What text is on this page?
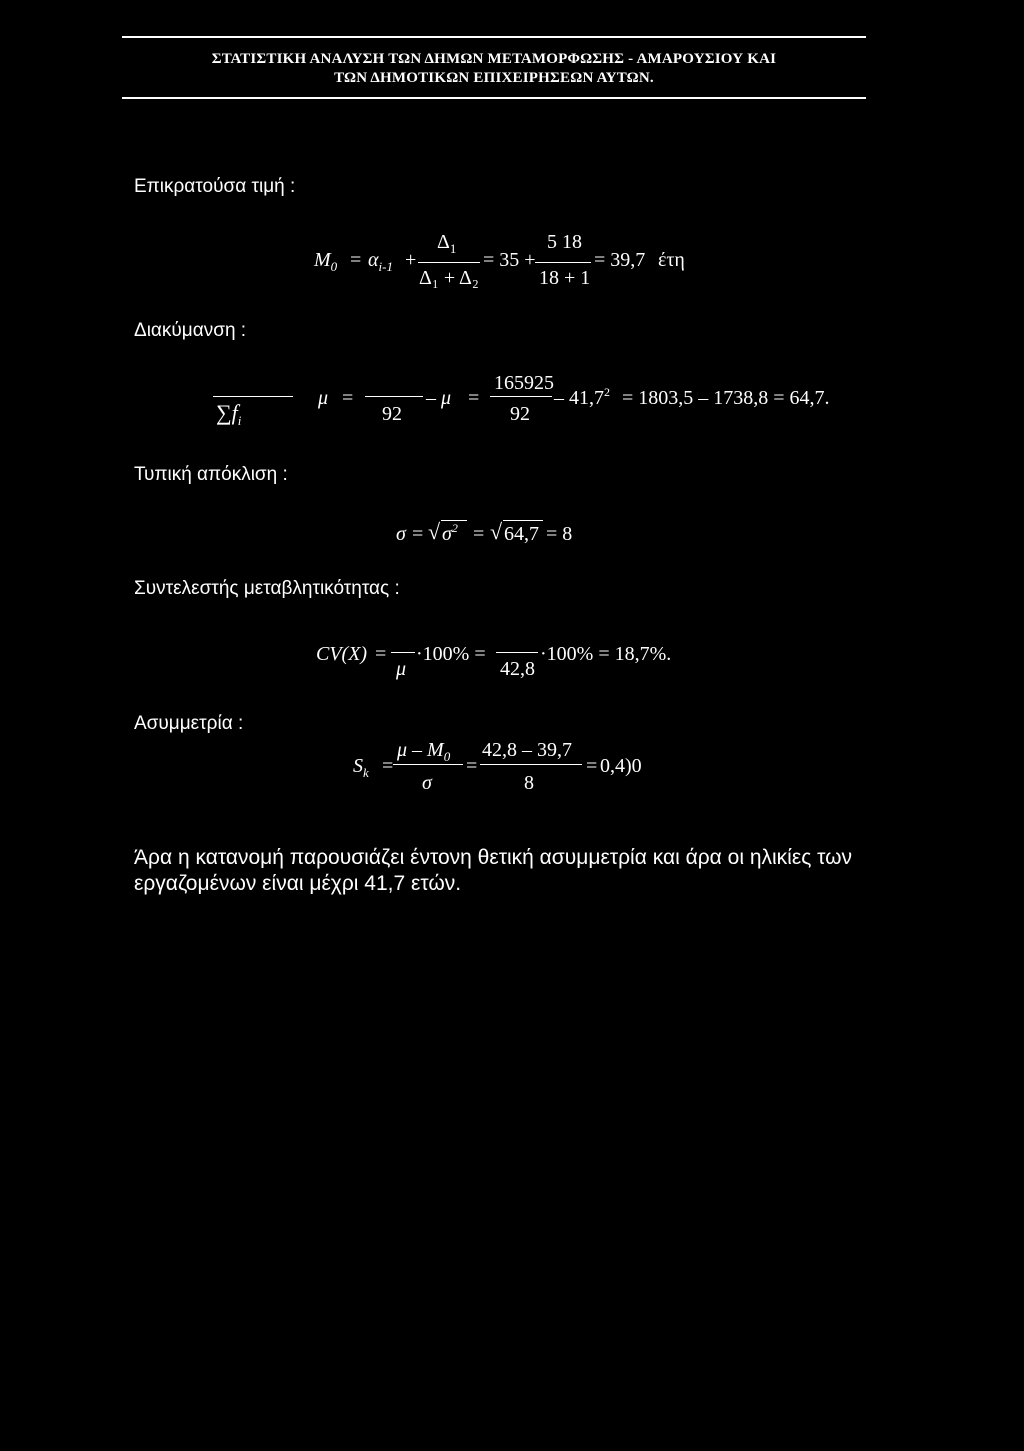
ΣΤΑΤΙΣΤΙΚΗ ΑΝΑΛΥΣΗ ΤΩΝ ΔΗΜΩΝ ΜΕΤΑΜΟΡΦΩΣΗΣ - ΑΜΑΡΟΥΣΙΟΥ ΚΑΙ
ΤΩΝ ΔΗΜΟΤΙΚΩΝ ΕΠΙΧΕΙΡΗΣΕΩΝ ΑΥΤΩΝ.
Επικρατούσα τιμή :
$M_0 = \alpha_{i-1}$ +
$\Delta_1$
Δ₁ + Δ₂
= 35 +
5 18
18 + 1
= 39,7 έτη
Διακύμανση :
$\sum f_i$
μ =
92
– μ =
165925
92
– $41,7^2 = 1803,5 - 1738,8 = 64,7$.
Τυπική απόκλιση :
σ = √ $\sigma^2$ = √ 64,7 = 8
Συντελεστής μεταβλητικότητας :
CV(X) =
μ
·100% =
42,8
·100% = 18,7%.
Ασυμμετρία :
$S_k$ =
μ – $M_0$
σ
=
42,8 – 39,7
8
= 0,4)0
Άρα η κατανομή παρουσιάζει έντονη θετική ασυμμετρία και άρα οι ηλικίες των εργαζομένων είναι μέχρι 41,7 ετών.
